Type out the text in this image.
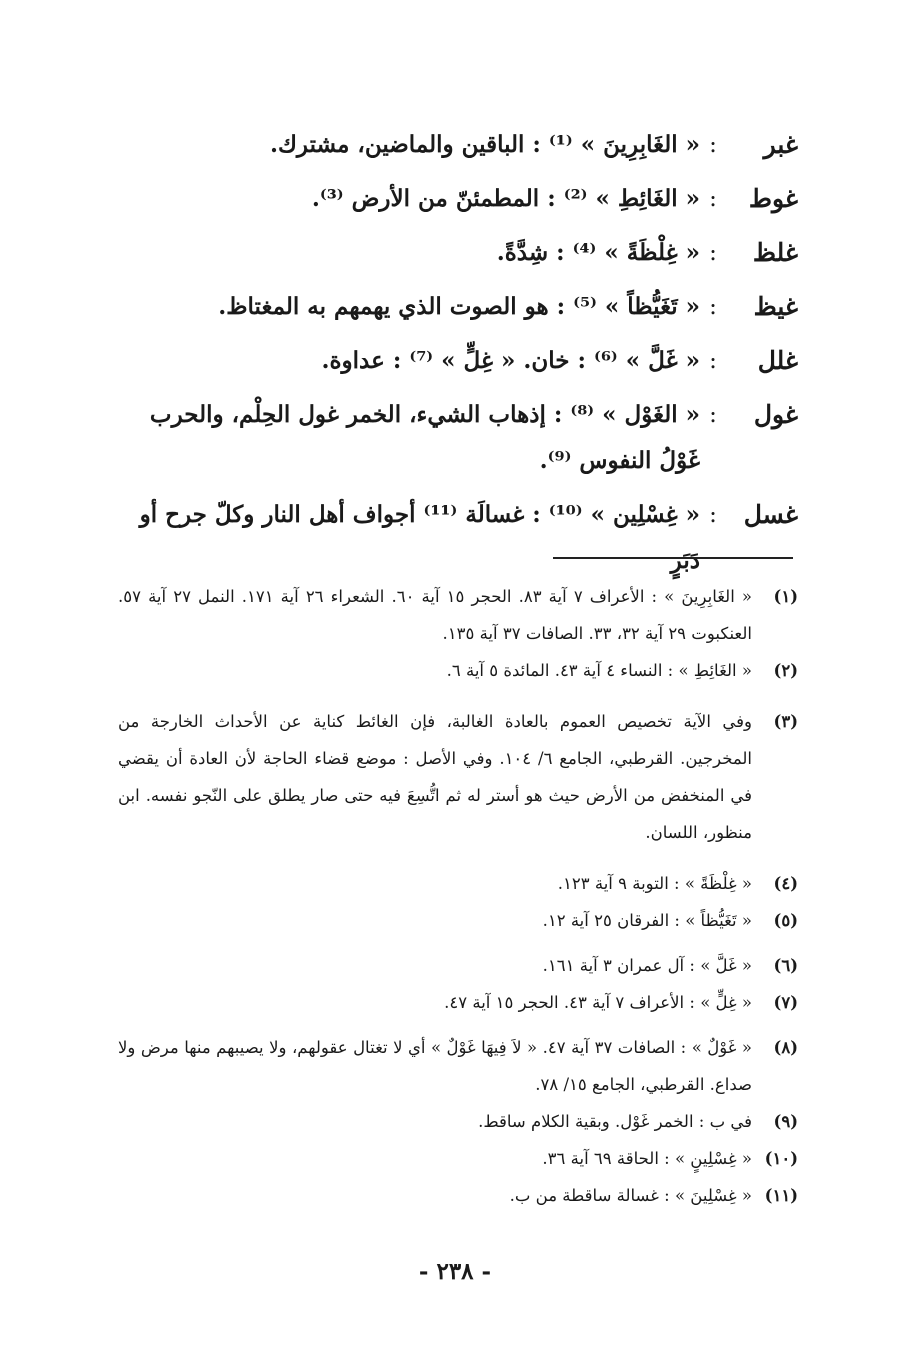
غبر
:
« الغَابِرِينَ » ⁽¹⁾ : الباقين والماضين، مشترك.
غوط
:
« الغَائِطِ » ⁽²⁾ : المطمئنّ من الأرض ⁽³⁾.
غلظ
:
« غِلْظَةً » ⁽⁴⁾ : شِدَّةً.
غيظ
:
« تَغَيُّظاً » ⁽⁵⁾ : هو الصوت الذي يهمهم به المغتاظ.
غلل
:
« غَلَّ » ⁽⁶⁾ : خان. « غِلٍّ » ⁽⁷⁾ : عداوة.
غول
:
« الغَوْل » ⁽⁸⁾ : إذهاب الشيء، الخمر غول الحِلْم، والحرب غَوْلُ النفوس ⁽⁹⁾.
غسل
:
« غِسْلِين » ⁽¹⁰⁾ : غسالَة ⁽¹¹⁾ أجواف أهل النار وكلّ جرح أو دَبَرٍ
(١)
« الغَابِرِينَ » : الأعراف ٧ آية ٨٣. الحجر ١٥ آية ٦٠. الشعراء ٢٦ آية ١٧١. النمل ٢٧ آية ٥٧. العنكبوت ٢٩ آية ٣٢، ٣٣. الصافات ٣٧ آية ١٣٥.
(٢)
« الغَائِطِ » : النساء ٤ آية ٤٣. المائدة ٥ آية ٦.
(٣)
وفي الآية تخصيص العموم بالعادة الغالبة، فإن الغائط كناية عن الأحداث الخارجة من المخرجين. القرطبي، الجامع ٦/ ١٠٤. وفي الأصل : موضع قضاء الحاجة لأن العادة أن يقضي في المنخفض من الأرض حيث هو أستر له ثم اتُّسِعَ فيه حتى صار يطلق على النّجو نفسه. ابن منظور، اللسان.
(٤)
« غِلْظَةً » : التوبة ٩ آية ١٢٣.
(٥)
« تَغَيُّظاً » : الفرقان ٢٥ آية ١٢.
(٦)
« غَلَّ » : آل عمران ٣ آية ١٦١.
(٧)
« غِلٍّ » : الأعراف ٧ آية ٤٣. الحجر ١٥ آية ٤٧.
(٨)
« غَوْلٌ » : الصافات ٣٧ آية ٤٧. « لاَ فِيهَا غَوْلٌ » أي لا تغتال عقولهم، ولا يصيبهم منها مرض ولا صداع. القرطبي، الجامع ١٥/ ٧٨.
(٩)
في ب : الخمر غَوْل. وبقية الكلام ساقط.
(١٠)
« غِسْلِينٍ » : الحاقة ٦٩ آية ٣٦.
(١١)
« غِسْلِينَ » : غسالة ساقطة من ب.
- ٢٣٨ -
